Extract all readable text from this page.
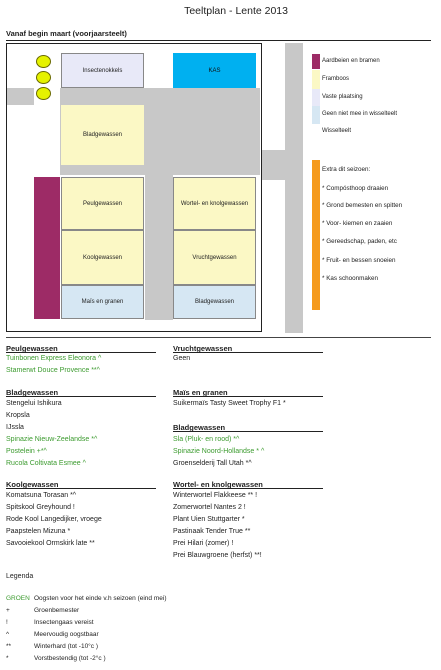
Teeltplan - Lente 2013
Vanaf begin maart (voorjaarsteelt)
Insectenokkels	KAS
Bladgewassen
Peulgewassen	Wortel- en knolgewassen
Koolgewassen	Vruchtgewassen
Maïs en granen	Bladgewassen
Aardbeien en bramen
Framboos
Vaste plaatsing
Geen niet mee in wisselteelt
Wisselteelt
Extra dit seizoen:
* Compósthoop draaien
* Grond bemesten en spitten
* Voor- kiemen en zaaien
* Gereedschap, paden, etc
* Fruit- en bessen snoeien
* Kas schoonmaken
Peulgewassen
Tuinbonen Express Eleonora ^
Stamerwt Douce Provence **^
Vruchtgewassen
Geen
Bladgewassen
Stengelui Ishikura
Kropsla
IJssla
Spinazie Nieuw-Zeelandse *^
Postelein +*^
Rucola Coltivata Esmee ^
Maïs en granen
Suikermaïs Tasty Sweet Trophy F1 *
Bladgewassen
Sla (Pluk- en rood) *^
Spinazie Noord-Hollandse * ^
Groenselderij Tall Utah *^
Koolgewassen
Komatsuna Torasan *^
Spitskool Greyhound !
Rode Kool Langedijker, vroege
Paapstelen Mizuna *
Savooiekool Ormskirk late **
Wortel- en knolgewassen
Winterwortel Flakkeese ** !
Zomerwortel Nantes 2 !
Plant Uien Stuttgarter *
Pastinaak Tender True **
Prei Hilari (zomer) !
Prei Blauwgroene (herfst) **!
Legenda
GROEN Oogsten voor het einde v.h seizoen (eind mei)
+	Groenbemester
!	Insectengaas vereist
^	Meervoudig oogstbaar
**	Winterhard (tot -10°c )
*	Vorstbestendig (tot -2°c )
